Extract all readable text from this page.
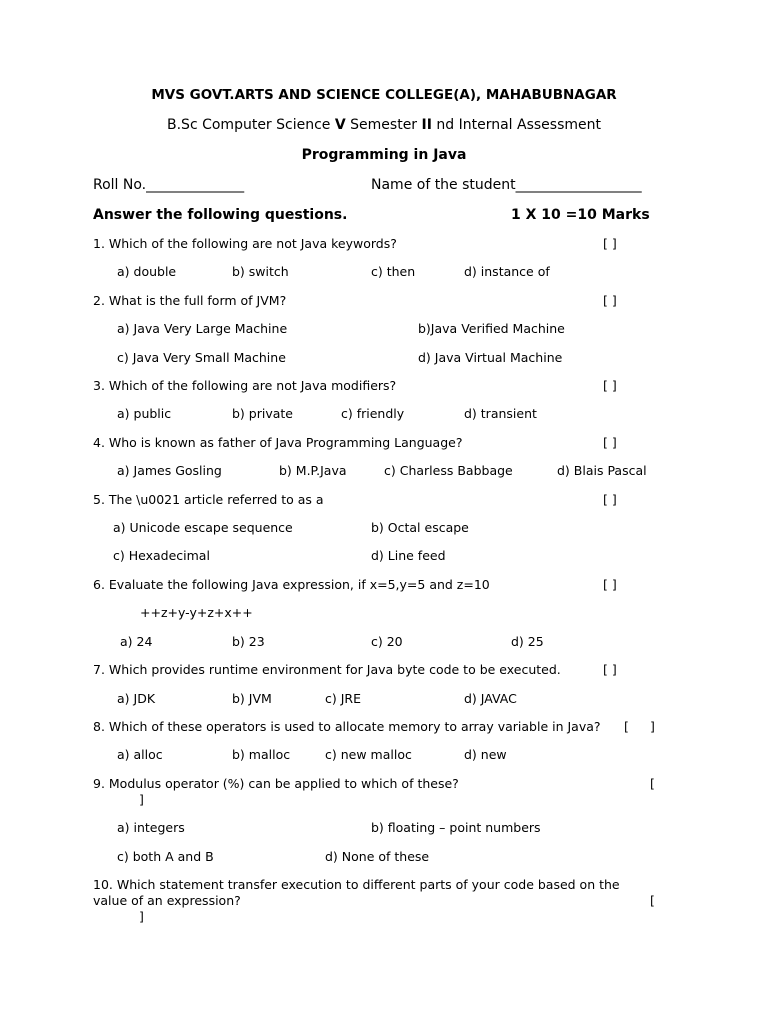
MVS GOVT.ARTS AND SCIENCE COLLEGE(A), MAHABUBNAGAR
B.Sc Computer Science V Semester II nd Internal Assessment
Programming in Java
Roll No.______________	Name of the student__________________
Answer the following questions.	1 X 10 =10 Marks
1. Which of the following are not Java keywords?	[ ]
a) double	b) switch	c) then	d) instance of
2. What is the full form of JVM?	[ ]
a) Java Very Large Machine	b)Java Verified Machine
c) Java Very Small Machine	d) Java Virtual Machine
3. Which of the following are not Java modifiers?	[ ]
a) public	b) private	c) friendly	d) transient
4. Who is known as father of Java Programming Language?	[ ]
a) James Gosling	b) M.P.Java	c) Charless Babbage	d) Blais Pascal
5. The \u0021 article referred to as a	[ ]
a) Unicode escape sequence	b) Octal escape
c) Hexadecimal	d) Line feed
6. Evaluate the following Java expression, if x=5,y=5 and z=10	[ ]
++z+y-y+z+x++
a) 24	b) 23	c) 20	d) 25
7. Which provides runtime environment for Java byte code to be executed.	[ ]
a) JDK	b) JVM	c) JRE	d) JAVAC
8. Which of these operators is used to allocate memory to array variable in Java? [ ]
a) alloc	b) malloc	c) new malloc	d) new
9. Modulus operator (%) can be applied to which of these?	[
]
a) integers	b) floating – point numbers
c) both A and B	d) None of these
10. Which statement transfer execution to different parts of your code based on the
value of an expression?	[
]
